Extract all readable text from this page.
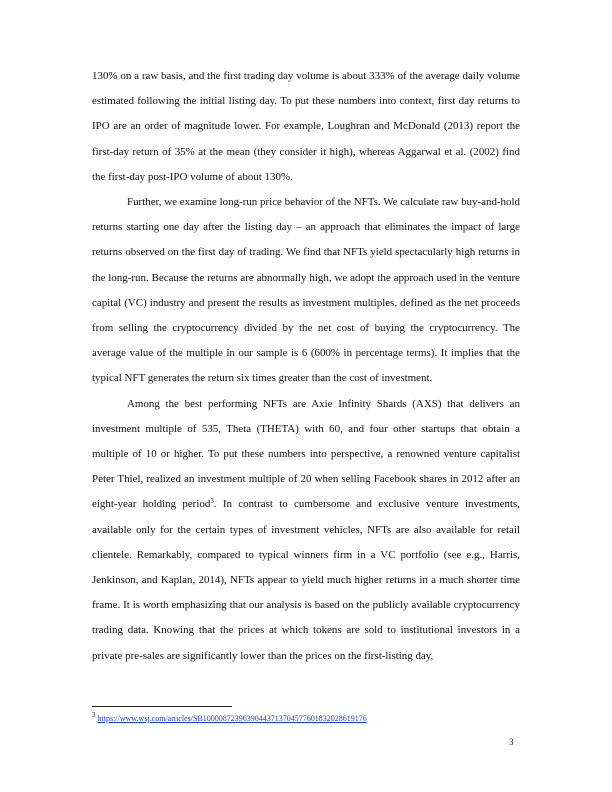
130% on a raw basis, and the first trading day volume is about 333% of the average daily volume estimated following the initial listing day. To put these numbers into context, first day returns to IPO are an order of magnitude lower. For example, Loughran and McDonald (2013) report the first-day return of 35% at the mean (they consider it high), whereas Aggarwal et al. (2002) find the first-day post-IPO volume of about 130%.

Further, we examine long-run price behavior of the NFTs. We calculate raw buy-and-hold returns starting one day after the listing day – an approach that eliminates the impact of large returns observed on the first day of trading. We find that NFTs yield spectacularly high returns in the long-run. Because the returns are abnormally high, we adopt the approach used in the venture capital (VC) industry and present the results as investment multiples, defined as the net proceeds from selling the cryptocurrency divided by the net cost of buying the cryptocurrency. The average value of the multiple in our sample is 6 (600% in percentage terms). It implies that the typical NFT generates the return six times greater than the cost of investment.

Among the best performing NFTs are Axie Infinity Shards (AXS) that delivers an investment multiple of 535, Theta (THETA) with 60, and four other startups that obtain a multiple of 10 or higher. To put these numbers into perspective, a renowned venture capitalist Peter Thiel, realized an investment multiple of 20 when selling Facebook shares in 2012 after an eight-year holding period$^3$. In contrast to cumbersome and exclusive venture investments, available only for the certain types of investment vehicles, NFTs are also available for retail clientele. Remarkably, compared to typical winners firm in a VC portfolio (see e.g., Harris, Jenkinson, and Kaplan, 2014), NFTs appear to yield much higher returns in a much shorter time frame. It is worth emphasizing that our analysis is based on the publicly available cryptocurrency trading data. Knowing that the prices at which tokens are sold to institutional investors in a private pre-sales are significantly lower than the prices on the first-listing day,

$^3$ https://www.wsj.com/articles/SB10000872396390443713704577601832028619176
3
